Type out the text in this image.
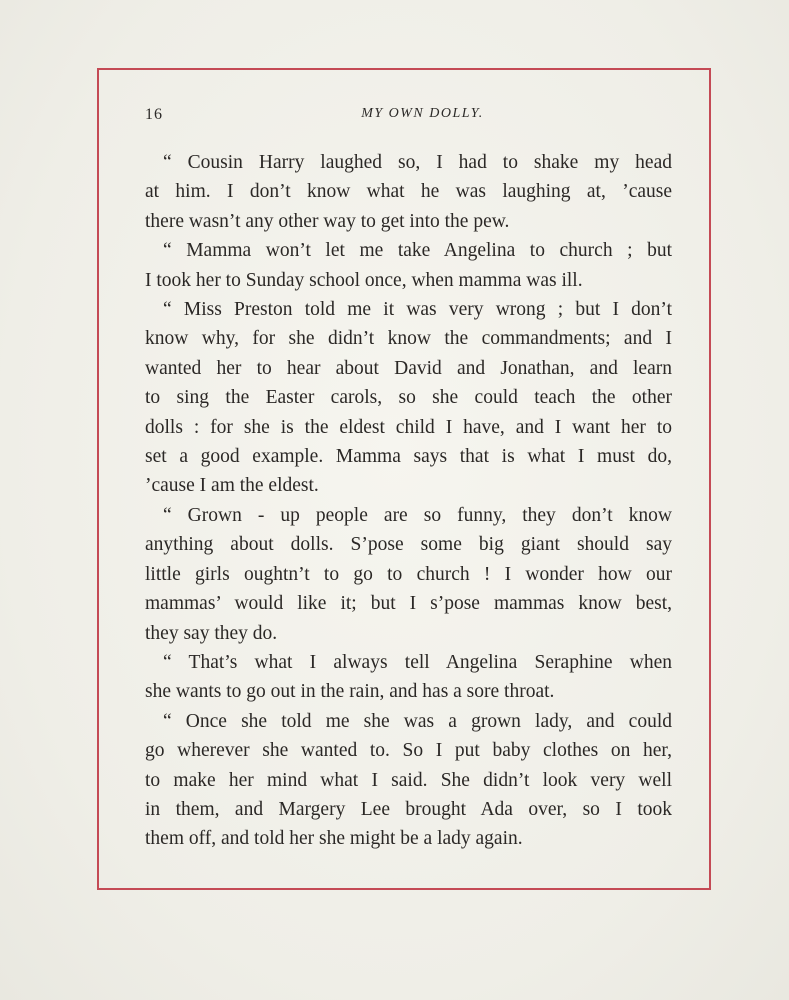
16	MY OWN DOLLY.
“ Cousin Harry laughed so, I had to shake my head
at him. I don’t know what he was laughing at, ’cause
there wasn’t any other way to get into the pew.
“ Mamma won’t let me take Angelina to church ; but
I took her to Sunday school once, when mamma was ill.
“ Miss Preston told me it was very wrong ; but I don’t
know why, for she didn’t know the commandments; and I
wanted her to hear about David and Jonathan, and learn
to sing the Easter carols, so she could teach the other
dolls : for she is the eldest child I have, and I want her to
set a good example. Mamma says that is what I must do,
’cause I am the eldest.
“ Grown - up people are so funny, they don’t know
anything about dolls. S’pose some big giant should say
little girls oughtn’t to go to church ! I wonder how our
mammas’ would like it; but I s’pose mammas know best,
they say they do.
“ That’s what I always tell Angelina Seraphine when
she wants to go out in the rain, and has a sore throat.
“ Once she told me she was a grown lady, and could
go wherever she wanted to. So I put baby clothes on her,
to make her mind what I said. She didn’t look very well
in them, and Margery Lee brought Ada over, so I took
them off, and told her she might be a lady again.
